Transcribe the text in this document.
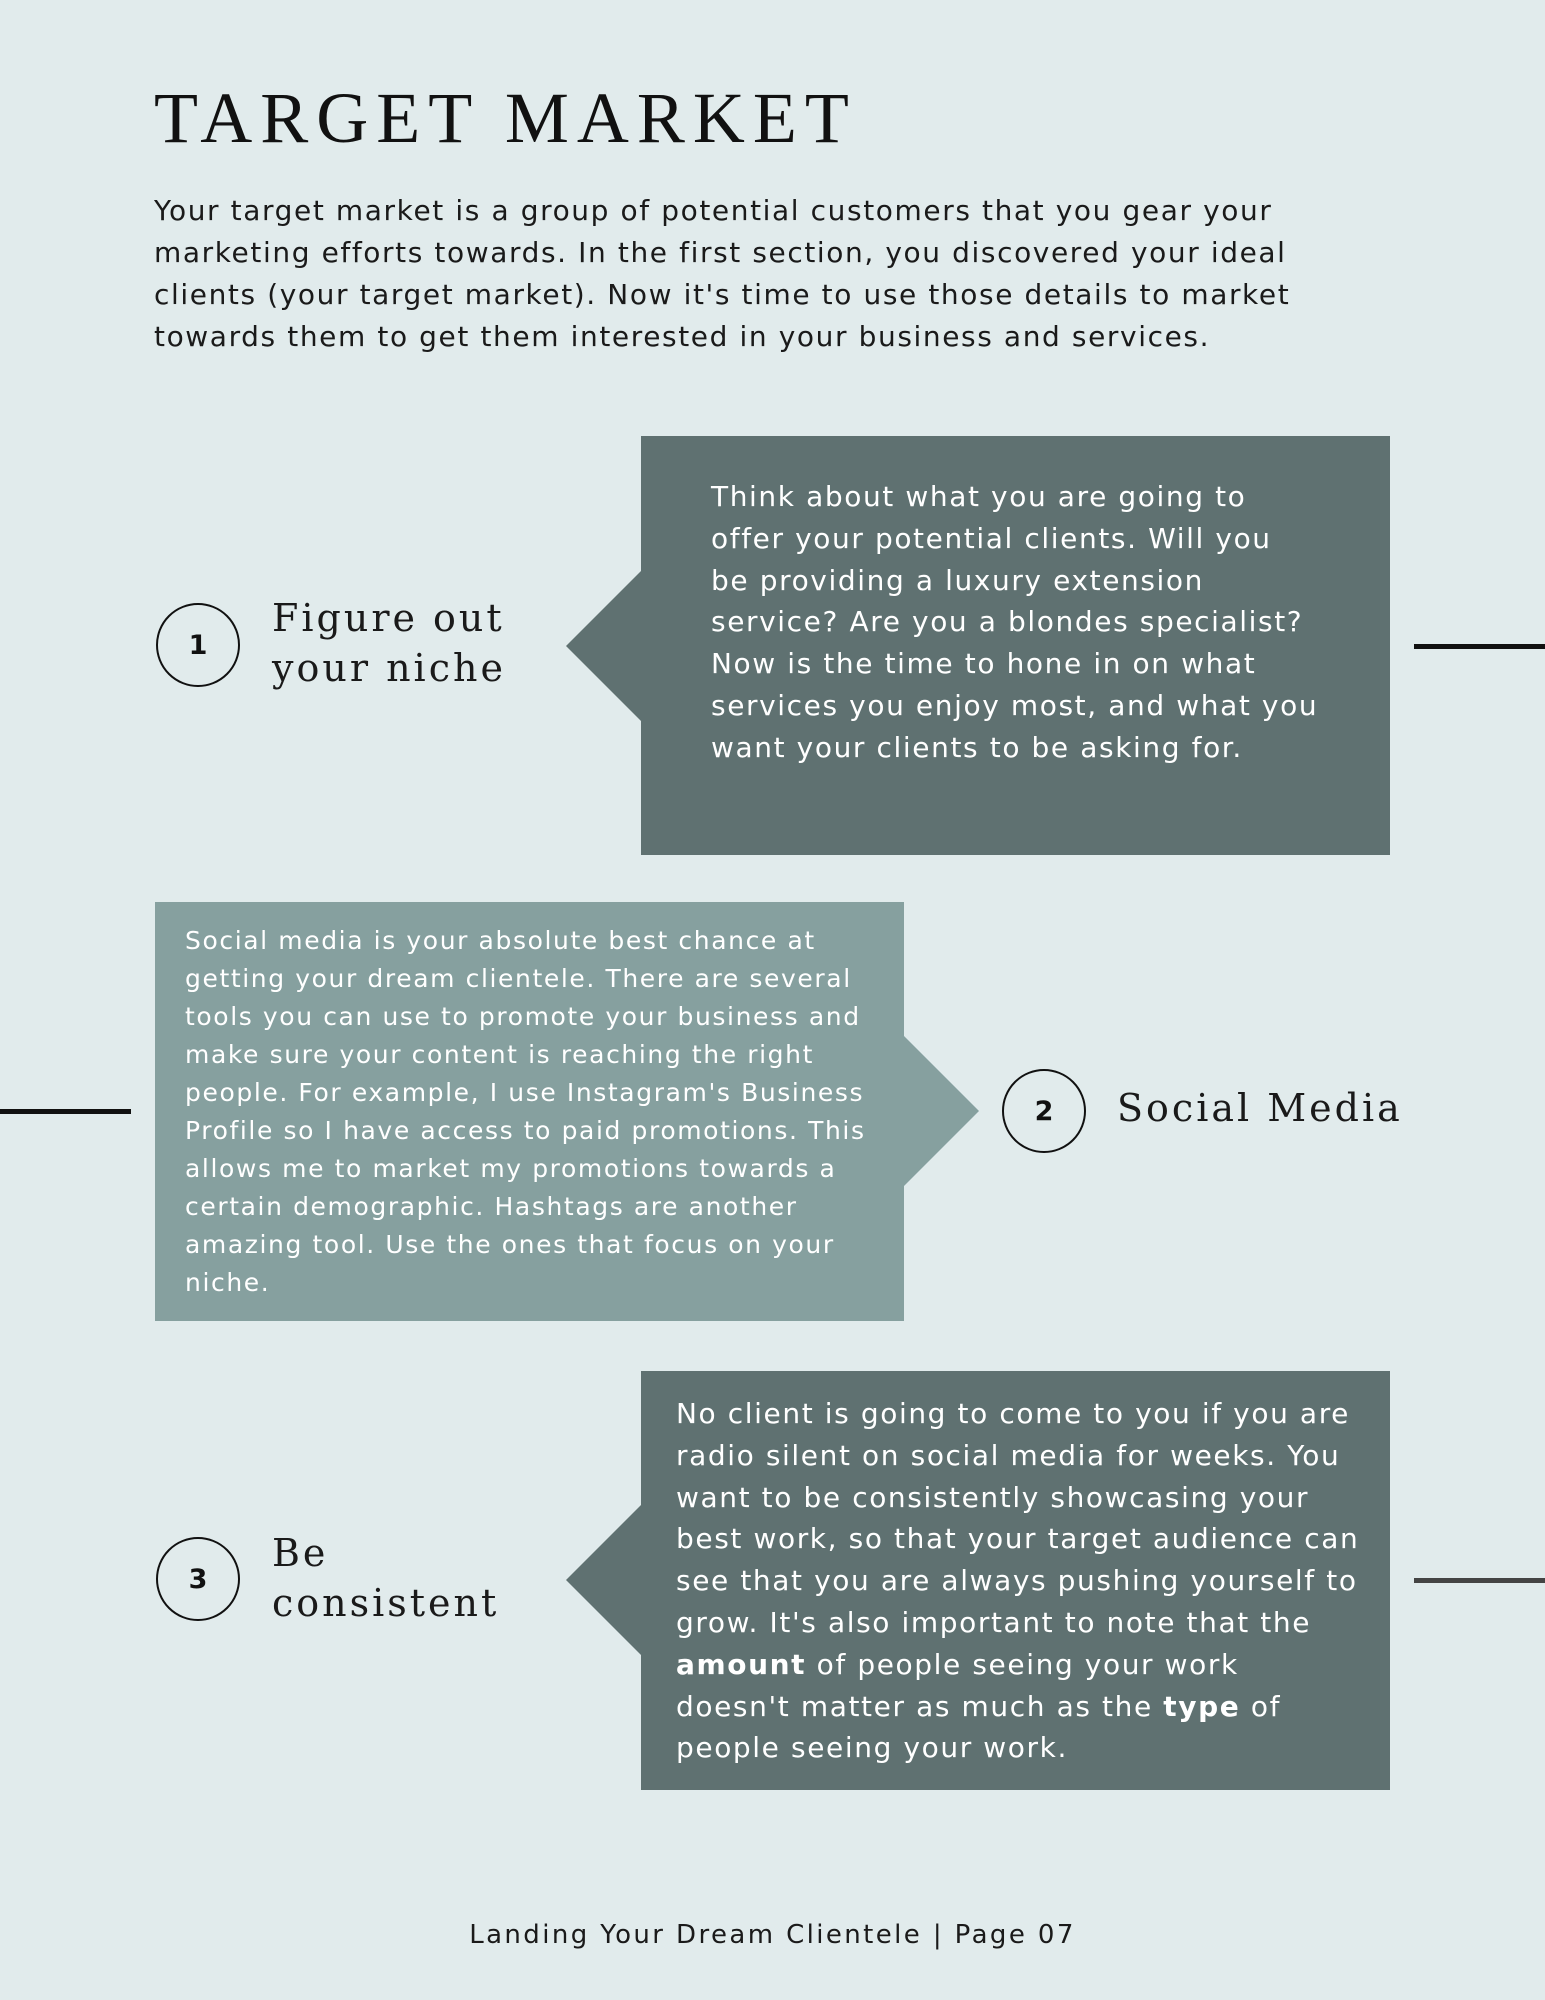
TARGET MARKET

Your target market is a group of potential customers that you gear your marketing efforts towards. In the first section, you discovered your ideal clients (your target market). Now it's time to use those details to market towards them to get them interested in your business and services.

1
Figure out
your niche

Think about what you are going to offer your potential clients. Will you be providing a luxury extension service? Are you a blondes specialist? Now is the time to hone in on what services you enjoy most, and what you want your clients to be asking for.

Social media is your absolute best chance at getting your dream clientele. There are several tools you can use to promote your business and make sure your content is reaching the right people. For example, I use Instagram's Business Profile so I have access to paid promotions. This allows me to market my promotions towards a certain demographic. Hashtags are another amazing tool. Use the ones that focus on your niche.

2 Social Media
3
Be
consistent

No client is going to come to you if you are radio silent on social media for weeks. You want to be consistently showcasing your best work, so that your target audience can see that you are always pushing yourself to grow. It's also important to note that the amount of people seeing your work doesn't matter as much as the type of people seeing your work.

Landing Your Dream Clientele | Page 07
